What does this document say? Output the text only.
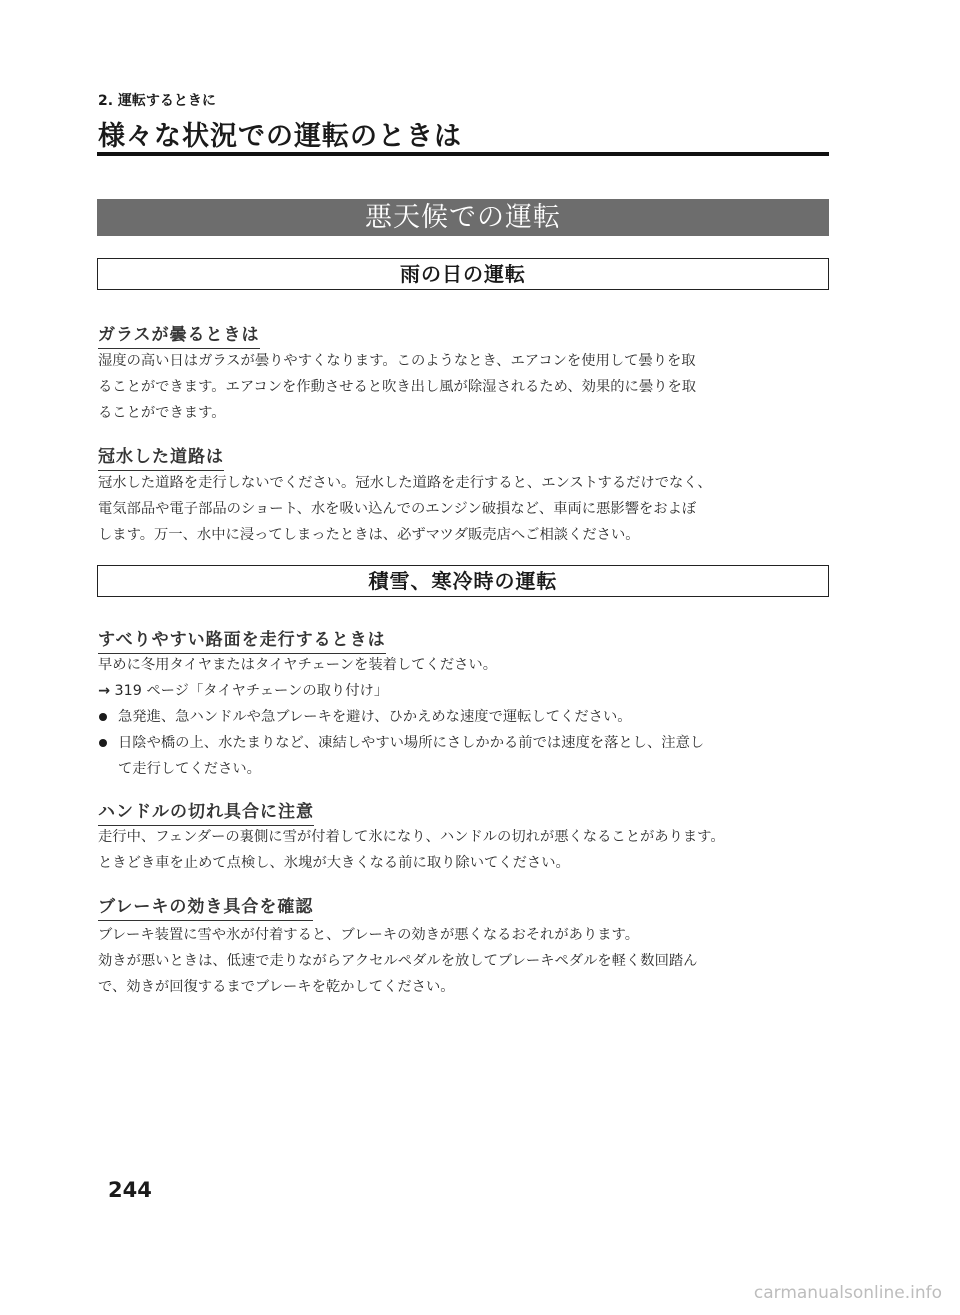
2. 運転するときに
様々な状況での運転のときは
悪天候での運転
雨の日の運転
ガラスが曇るときは
湿度の高い日はガラスが曇りやすくなります。このようなとき、エアコンを使用して曇りを取
ることができます。エアコンを作動させると吹き出し風が除湿されるため、効果的に曇りを取
ることができます。
冠水した道路は
冠水した道路を走行しないでください。冠水した道路を走行すると、エンストするだけでなく、
電気部品や電子部品のショート、水を吸い込んでのエンジン破損など、車両に悪影響をおよぼ
します。万一、水中に浸ってしまったときは、必ずマツダ販売店へご相談ください。
積雪、寒冷時の運転
すべりやすい路面を走行するときは
早めに冬用タイヤまたはタイヤチェーンを装着してください。
→ 319 ページ「タイヤチェーンの取り付け」
急発進、急ハンドルや急ブレーキを避け、ひかえめな速度で運転してください。
日陰や橋の上、水たまりなど、凍結しやすい場所にさしかかる前では速度を落とし、注意し
て走行してください。
ハンドルの切れ具合に注意
走行中、フェンダーの裏側に雪が付着して氷になり、ハンドルの切れが悪くなることがあります。
ときどき車を止めて点検し、氷塊が大きくなる前に取り除いてください。
ブレーキの効き具合を確認
ブレーキ装置に雪や氷が付着すると、ブレーキの効きが悪くなるおそれがあります。
効きが悪いときは、低速で走りながらアクセルペダルを放してブレーキペダルを軽く数回踏ん
で、効きが回復するまでブレーキを乾かしてください。
244
carmanualsonline.info
